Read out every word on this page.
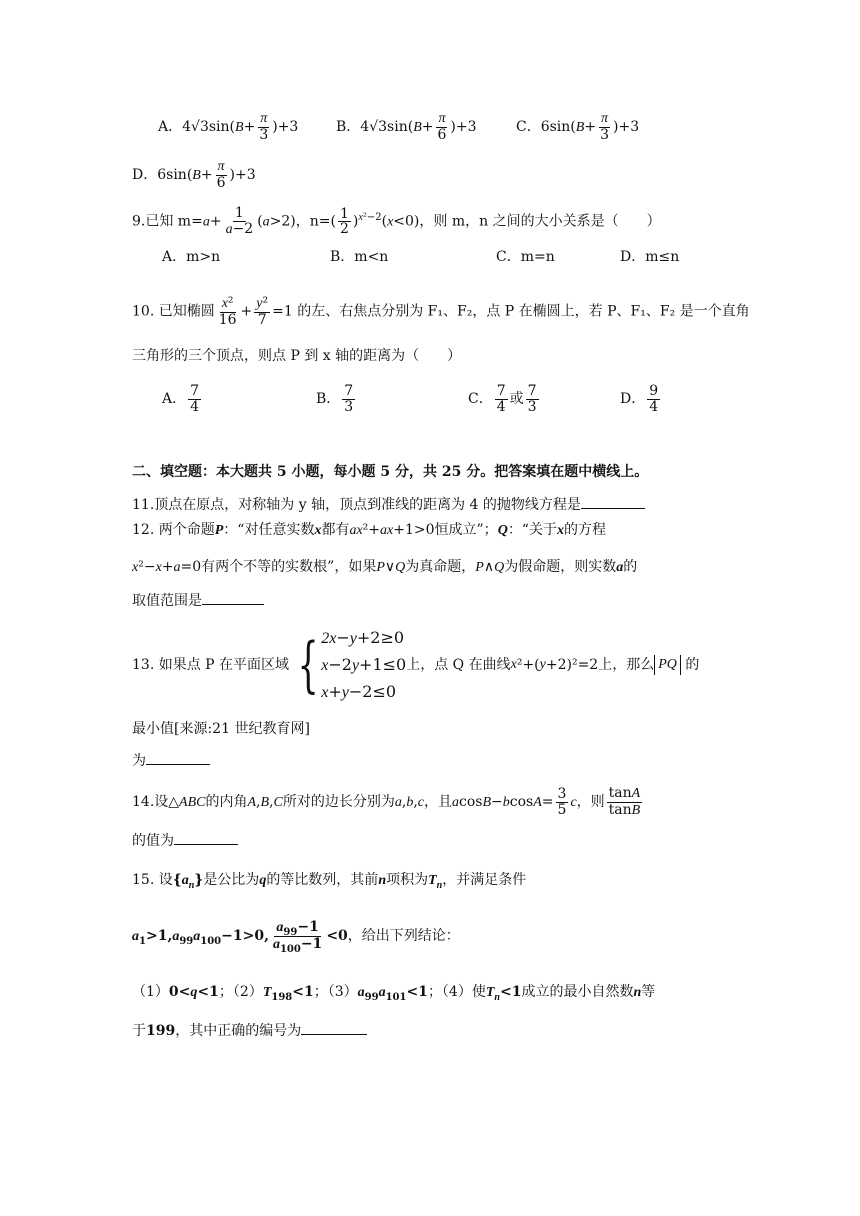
A．$4√3\sin(B+ \frac{\pi}{3} )+3$	B．$4√3\sin(B+ \frac{\pi}{6} )+3$	C．$6\sin(B+ \frac{\pi}{3} )+3$
D．$6\sin(B+ \frac{\pi}{6} )+3$
9.已知 $m=a+ \frac{1}{a-2} (a>2)$，$n=( \frac{1}{2} )^{x^2-2}(x<0)$，则 m，n 之间的大小关系是（　　）
A．m>n	B．m<n	C．m=n	D．m≤n
10. 已知椭圆 $\frac{\text{x²}}{16} + \frac{\text{y²}}{7} =1$ 的左、右焦点分别为 F₁、F₂，点 P 在椭圆上，若 P、F₁、F₂ 是一个直角
三角形的三个顶点，则点 P 到 x 轴的距离为（　　）
A． $\frac{7}{4}$	B． $\frac{7}{3}$	C． $\frac{7}{4}$ 或 $\frac{7}{3}$	D． $\frac{9}{4}$
二、填空题：本大题共 5 小题，每小题 5 分，共 25 分。把答案填在题中横线上。
11.顶点在原点，对称轴为 y 轴，顶点到准线的距离为 4 的抛物线方程是
12. 两个命题P：“对任意实数x都有ax²+ax+1>0恒成立”；Q：“关于x的方程
x²−x+a=0有两个不等的实数根”，如果P∨Q为真命题，P∧Q为假命题，则实数a的
取值范围是
13. 如果点 P 在平面区域 { 2x−y+2≥0
x−2y+1≤0
x+y−2≤0
上，点 Q 在曲线 x ²+( y +2)²=2 上，那么 PQ
的
最小值[来源:21 世纪教育网]
为
14.设△ABC的内角A,B,C所对的边长分别为a,b,c，且$acosB-bcosA= \frac{3}{5}$ c，则 $\frac{\tan A}{\tan B}$
的值为
15. 设$\{a_n\}$是公比为q的等比数列，其前n项积为$T_n$，并满足条件
$a_1>1,a_{99}a_{100}-1>0$, $\frac{a_{99}-1}{a_{100}-1} <0$，给出下列结论：
（1）0<q<1；$(2)T_{198}<1$；$(3)a_{99}a_{101}<1$；（4）使$T_n<1$成立的最小自然数n等
于199，其中正确的编号为
